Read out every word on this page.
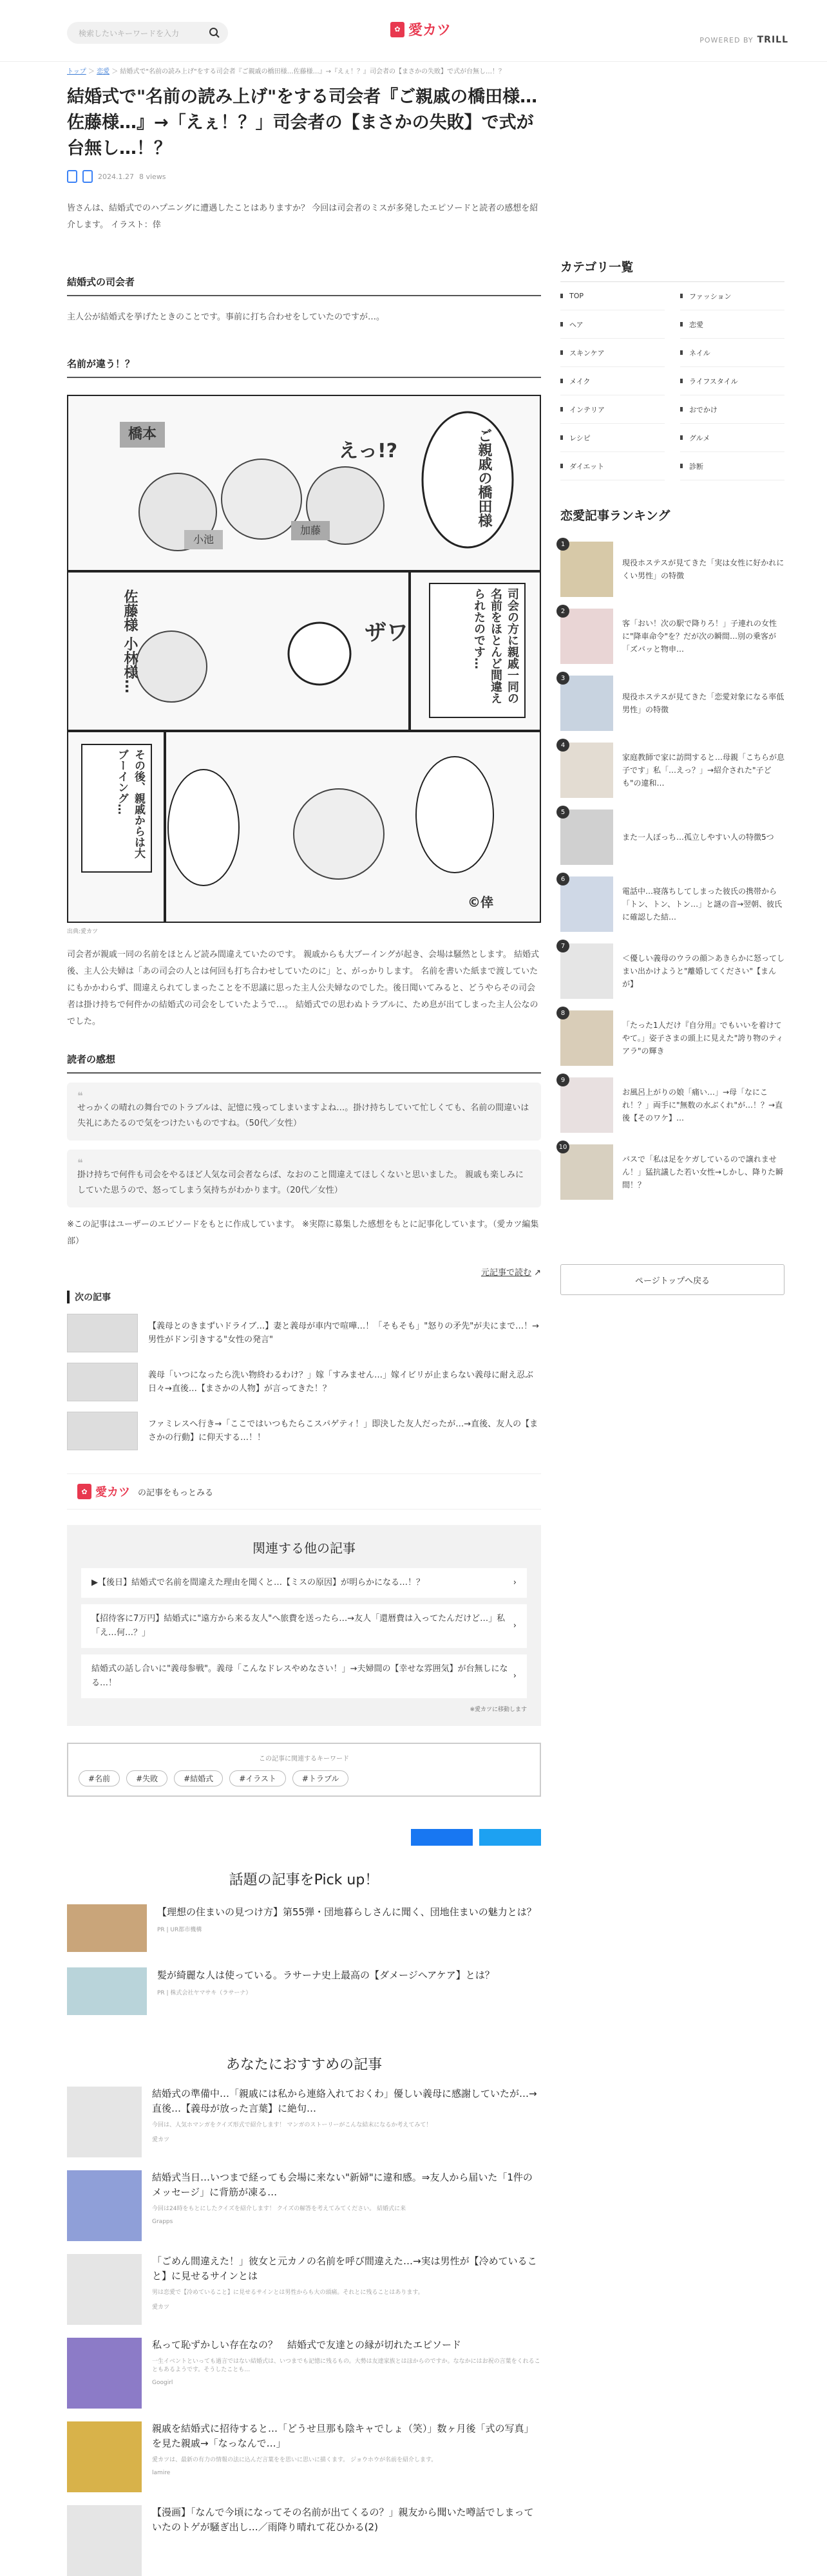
検索したいキーワードを入力	✿ 愛カツ
POWERED BY TRILL
トップ ＞ 恋愛 ＞ 結婚式で"名前の読み上げ"をする司会者『ご親戚の橋田様…佐藤様…』→『えぇ！？』司会者の【まさかの失敗】で式が台無し…！？
結婚式で"名前の読み上げ"をする司会者『ご親戚の橋田様…佐藤様…』→「えぇ！？」司会者の【まさかの失敗】で式が台無し…！？
2024.1.27 8 views

皆さんは、結婚式でのハプニングに遭遇したことはありますか？ 今回は司会者のミスが多発したエピソードと読者の感想を紹介します。 イラスト：倖

結婚式の司会者

主人公が結婚式を挙げたときのことです。事前に打ち合わせをしていたのですが…。

名前が違う！？
橋本
小池
加藤
ご親戚の橋田様
司会の方に親戚一同の名前をほとんど間違えられたのです…
佐藤様 小林様…
その後、親戚からは大ブーイング…
えっ!?
ザワ
©倖
出典:愛カツ

司会者が親戚一同の名前をほとんど読み間違えていたのです。 親戚からも大ブーイングが起き、会場は騒然とします。 結婚式後、主人公夫婦は「あの司会の人とは何回も打ち合わせしていたのに」と、がっかりします。 名前を書いた紙まで渡していたにもかかわらず、間違えられてしまったことを不思議に思った主人公夫婦なのでした。後日聞いてみると、どうやらその司会者は掛け持ちで何件かの結婚式の司会をしていたようで…。 結婚式での思わぬトラブルに、ため息が出てしまった主人公なのでした。

読者の感想
❝
せっかくの晴れの舞台でのトラブルは、記憶に残ってしまいますよね…。掛け持ちしていて忙しくても、名前の間違いは失礼にあたるので気をつけたいものですね。（50代／女性）
❝
掛け持ちで何件も司会をやるほど人気な司会者ならば、なおのこと間違えてほしくないと思いました。 親戚も楽しみにしていた思うので、怒ってしまう気持ちがわかります。（20代／女性）

※この記事はユーザーのエピソードをもとに作成しています。 ※実際に募集した感想をもとに記事化しています。（愛カツ編集部）

元記事で読む ↗
次の記事
【義母とのきまずいドライブ…】妻と義母が車内で喧嘩…！「そもそも」"怒りの矛先"が夫にまで…！→男性がドン引きする"女性の発言"
義母「いつになったら洗い物終わるわけ？」嫁「すみません…」嫁イビリが止まらない義母に耐え忍ぶ日々→直後…【まさかの人物】が言ってきた！？
ファミレスへ行き→「ここではいつもたらこスパゲティ！」即決した友人だったが…→直後、友人の【まさかの行動】に仰天する…！！
✿ 愛カツ の記事をもっとみる
関連する他の記事
▶【後日】結婚式で名前を間違えた理由を聞くと…【ミスの原因】が明らかになる…！？	›
【招待客に7万円】結婚式に"遠方から来る友人"へ旅費を送ったら…→友人「還暦費は入ってたんだけど…」私「え…何…？」
›
結婚式の話し合いに"義母参戦"。義母「こんなドレスやめなさい！」→夫婦間の【幸せな雰囲気】が台無しになる…！
›
※愛カツに移動します
この記事に関連するキーワード
#名前	#失敗	#結婚式	#イラスト	#トラブル
話題の記事をPick up！
【理想の住まいの見つけ方】第55弾・団地暮らしさんに聞く、団地住まいの魅力とは？
PR | UR都市機構
髪が綺麗な人は使っている。ラサーナ史上最高の【ダメージヘアケア】とは？
PR | 株式会社ヤマサキ（ラサーナ）
あなたにおすすめの記事
結婚式の準備中…「親戚には私から連絡入れておくわ」優しい義母に感謝していたが…→直後…【義母が放った言葉】に絶句…
今回は、人気ホマンガをクイズ形式で紹介します！ マンガのストーリーがこんな結末になるか考えてみて！
愛カツ
結婚式当日…いつまで経っても会場に来ない"新婦"に違和感。⇒友人から届いた「1件のメッセージ」に背筋が凍る…
今回は24時をもとにしたクイズを紹介します！ クイズの解答を考えてみてください。 結婚式に来
Grapps
「ごめん間違えた！」彼女と元カノの名前を呼び間違えた…→実は男性が【冷めていること】に見せるサインとは
男は恋愛で【冷めていること】に見せるサインとは男性からも大の頭痛。それとに残ることはあります。
愛カツ
私って恥ずかしい存在なの？　結婚式で友達との縁が切れたエピソード
一生イベントといっても過言ではない結婚式は、いつまでも記憶に残るもの。大勢は友達家族とはほからのですか。ななかにはお祝の言葉をくれることもあるようです。そうしたことも…
Googirl
親戚を結婚式に招待すると…「どうせ旦那も陰キャでしょ（笑）」数ヶ月後「式の写真」を見た親戚→「なっなんで…」
愛カツは、最新の有力の情報の法に込んだ言葉をを思いに思いに描くます。 ジョウホウが名前を紹介します。
lamire
【漫画】「なんで今頃になってその名前が出てくるの？」親友から聞いた噂話でしまっていたのトゲが騒ぎ出し…／雨降り晴れて花ひかる(2)
カテゴリ一覧
TOP	ファッション
ヘア	恋愛
スキンケア	ネイル
メイク	ライフスタイル
インテリア	おでかけ
レシピ	グルメ
ダイエット	診断
恋愛記事ランキング
1
現役ホステスが見てきた「実は女性に好かれにくい男性」の特徴
2
客「おい！次の駅で降りろ！」子連れの女性に"降車命令"を？だが次の瞬間…別の乗客が「ズバッと物申…
3
現役ホステスが見てきた「恋愛対象になる率低男性」の特徴
4
家庭教師で家に訪問すると…母親「こちらが息子です」私「…えっ？」→紹介された"子ども"の違和…
5
また一人ぼっち…孤立しやすい人の特徴5つ
6
電話中…寝落ちしてしまった彼氏の携帯から「トン、トン、トン…」と謎の音→翌朝、彼氏に確認した結…
7
＜優しい義母のウラの顔＞あきらかに怒ってしまい出かけようと"離婚してください"【まんが】
8
「たった1人だけ『自分用』でもいいを着けてやて。」姿子さまの頭上に見えた"誇り物のティアラ"の輝き
9
お風呂上がりの娘「痛い…」→母「なにこれ！？」両手に"無数の水ぶくれ"が…！？→直後【そのワケ】…
10
バスで「私は足をケガしているので譲れません！」猛抗議した若い女性→しかし、降りた瞬間！？
ページトップへ戻る
